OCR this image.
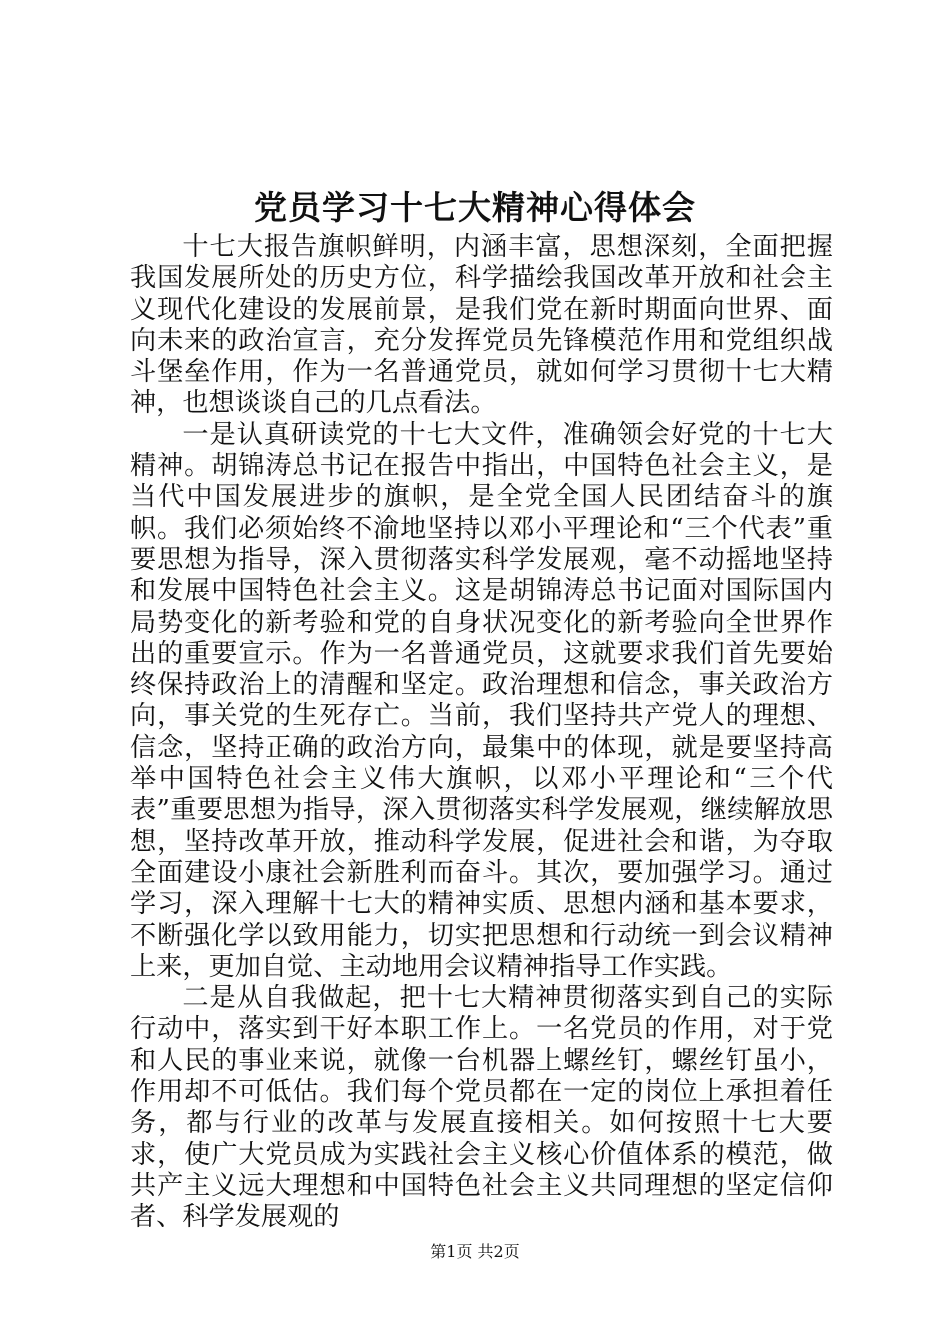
党员学习十七大精神心得体会

十七大报告旗帜鲜明，内涵丰富，思想深刻，全面把握我国发展所处的历史方位，科学描绘我国改革开放和社会主义现代化建设的发展前景，是我们党在新时期面向世界、面向未来的政治宣言，充分发挥党员先锋模范作用和党组织战斗堡垒作用，作为一名普通党员，就如何学习贯彻十七大精神，也想谈谈自己的几点看法。

一是认真研读党的十七大文件，准确领会好党的十七大精神。胡锦涛总书记在报告中指出，中国特色社会主义，是当代中国发展进步的旗帜，是全党全国人民团结奋斗的旗帜。我们必须始终不渝地坚持以邓小平理论和“三个代表”重要思想为指导，深入贯彻落实科学发展观，毫不动摇地坚持和发展中国特色社会主义。这是胡锦涛总书记面对国际国内局势变化的新考验和党的自身状况变化的新考验向全世界作出的重要宣示。作为一名普通党员，这就要求我们首先要始终保持政治上的清醒和坚定。政治理想和信念，事关政治方向，事关党的生死存亡。当前，我们坚持共产党人的理想、信念，坚持正确的政治方向，最集中的体现，就是要坚持高举中国特色社会主义伟大旗帜，以邓小平理论和“三个代表”重要思想为指导，深入贯彻落实科学发展观，继续解放思想，坚持改革开放，推动科学发展，促进社会和谐，为夺取全面建设小康社会新胜利而奋斗。其次，要加强学习。通过学习，深入理解十七大的精神实质、思想内涵和基本要求，不断强化学以致用能力，切实把思想和行动统一到会议精神上来，更加自觉、主动地用会议精神指导工作实践。

二是从自我做起，把十七大精神贯彻落实到自己的实际行动中，落实到干好本职工作上。一名党员的作用，对于党和人民的事业来说，就像一台机器上螺丝钉，螺丝钉虽小，作用却不可低估。我们每个党员都在一定的岗位上承担着任务，都与行业的改革与发展直接相关。如何按照十七大要求，使广大党员成为实践社会主义核心价值体系的模范，做共产主义远大理想和中国特色社会主义共同理想的坚定信仰者、科学发展观的

第1页 共2页
